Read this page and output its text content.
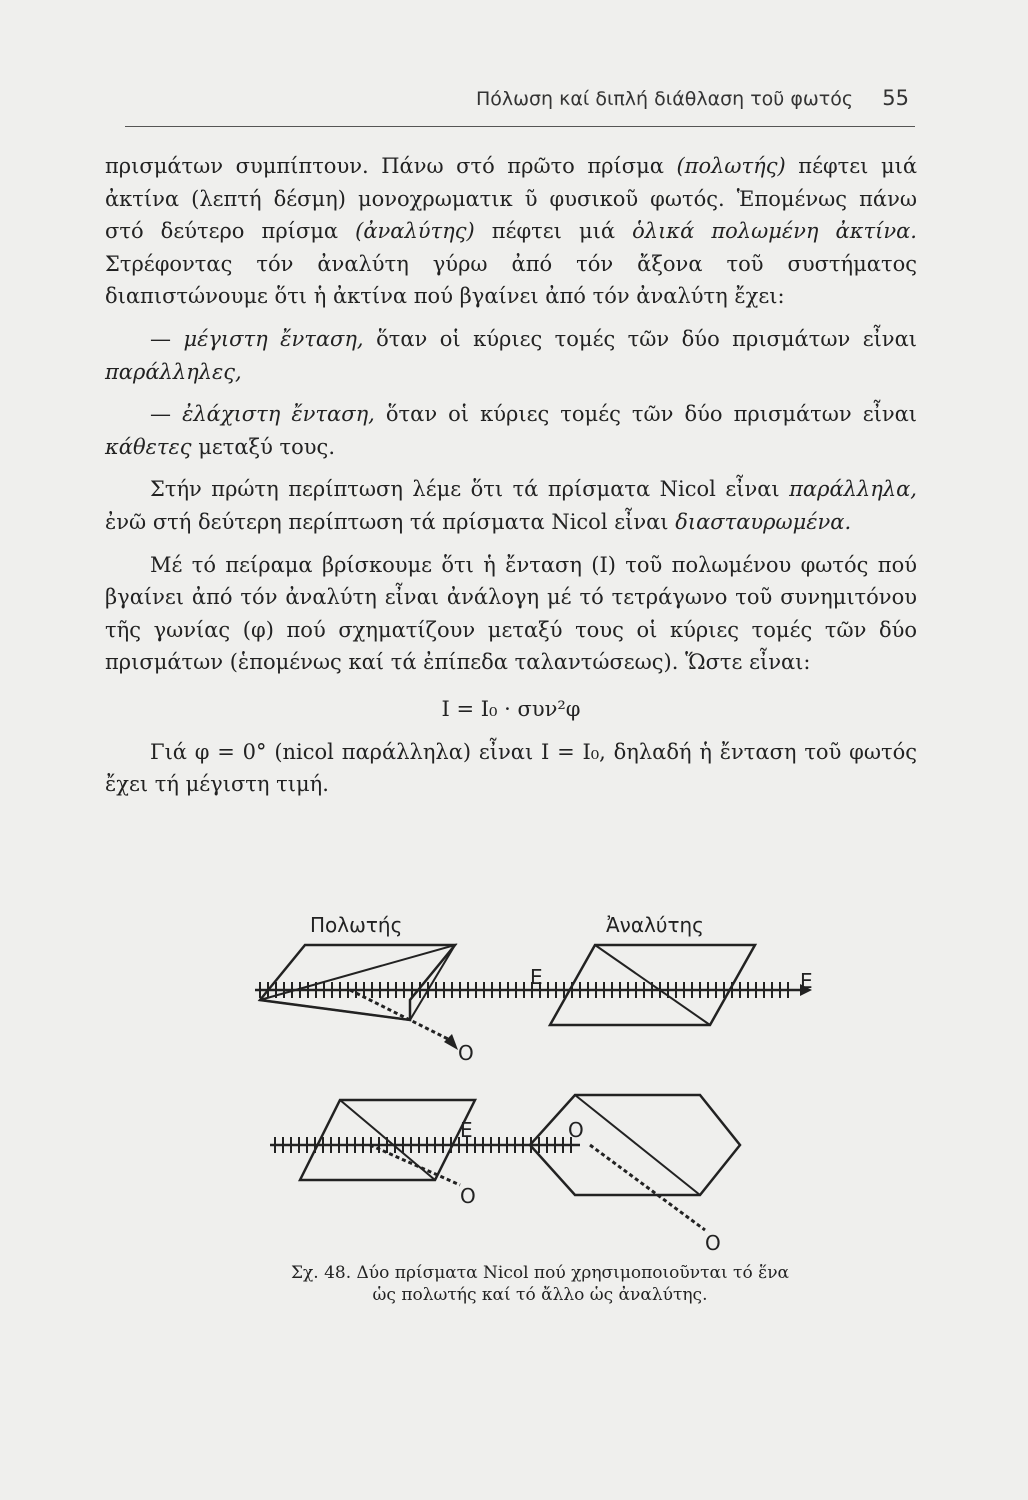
Πόλωση καί διπλή διάθλαση τοῦ φωτός 55

πρισμάτων συμπίπτουν. Πάνω στό πρῶτο πρίσμα (πολωτής) πέφτει μιά ἀκτίνα (λεπτή δέσμη) μονοχρωματικ ῦ φυσικοῦ φωτός. Ἑπομένως πάνω στό δεύτερο πρίσμα (ἀναλύτης) πέφτει μιά ὁλικά πολωμένη ἀκτίνα. Στρέφοντας τόν ἀναλύτη γύρω ἀπό τόν ἄξονα τοῦ συστήματος διαπιστώνουμε ὅτι ἡ ἀκτίνα πού βγαίνει ἀπό τόν ἀναλύτη ἔχει:

— μέγιστη ἔνταση, ὅταν οἱ κύριες τομές τῶν δύο πρισμάτων εἶναι παράλληλες,

— ἐλάχιστη ἔνταση, ὅταν οἱ κύριες τομές τῶν δύο πρισμάτων εἶναι κάθετες μεταξύ τους.

Στήν πρώτη περίπτωση λέμε ὅτι τά πρίσματα Nicol εἶναι παράλληλα, ἐνῶ στή δεύτερη περίπτωση τά πρίσματα Nicol εἶναι διασταυρωμένα.

Μέ τό πείραμα βρίσκουμε ὅτι ἡ ἔνταση (Ι) τοῦ πολωμένου φωτός πού βγαίνει ἀπό τόν ἀναλύτη εἶναι ἀνάλογη μέ τό τετράγωνο τοῦ συνημιτόνου τῆς γωνίας (φ) πού σχηματίζουν μεταξύ τους οἱ κύριες τομές τῶν δύο πρισμάτων (ἑπομένως καί τά ἐπίπεδα ταλαντώσεως). Ὥστε εἶναι:

Ι = Ι₀ · συν²φ

Γιά φ = 0° (nicol παράλληλα) εἶναι Ι = Ι₀, δηλαδή ἡ ἔνταση τοῦ φωτός ἔχει τή μέγιστη τιμή.

Πολωτής	Ἀναλύτης
O
E	E
O
E	O
O
Σχ. 48. Δύο πρίσματα Nicol πού χρησιμοποιοῦνται τό ἕνα
ὡς πολωτής καί τό ἄλλο ὡς ἀναλύτης.
